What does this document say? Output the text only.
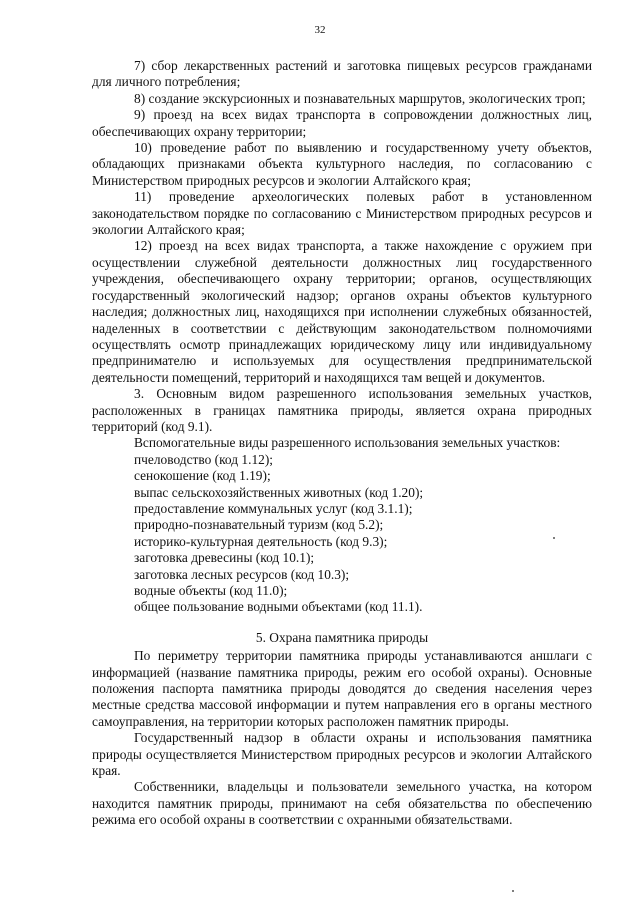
32

7) сбор лекарственных растений и заготовка пищевых ресурсов гражданами для личного потребления;

8) создание экскурсионных и познавательных маршрутов, экологических троп;

9) проезд на всех видах транспорта в сопровождении должностных лиц, обеспечивающих охрану территории;

10) проведение работ по выявлению и государственному учету объектов, обладающих признаками объекта культурного наследия, по согласованию с Министерством природных ресурсов и экологии Алтайского края;

11) проведение археологических полевых работ в установленном законодательством порядке по согласованию с Министерством природных ресурсов и экологии Алтайского края;

12) проезд на всех видах транспорта, а также нахождение с оружием при осуществлении служебной деятельности должностных лиц государственного учреждения, обеспечивающего охрану территории; органов, осуществляющих государственный экологический надзор; органов охраны объектов культурного наследия; должностных лиц, находящихся при исполнении служебных обязанностей, наделенных в соответствии с действующим законодательством полномочиями осуществлять осмотр принадлежащих юридическому лицу или индивидуальному предпринимателю и используемых для осуществления предпринимательской деятельности помещений, территорий и находящихся там вещей и документов.

3. Основным видом разрешенного использования земельных участков, расположенных в границах памятника природы, является охрана природных территорий (код 9.1).

Вспомогательные виды разрешенного использования земельных участков:
пчеловодство (код 1.12);
сенокошение (код 1.19);
выпас сельскохозяйственных животных (код 1.20);
предоставление коммунальных услуг (код 3.1.1);
природно-познавательный туризм (код 5.2);
историко-культурная деятельность (код 9.3);
заготовка древесины (код 10.1);
заготовка лесных ресурсов (код 10.3);
водные объекты (код 11.0);
общее пользование водными объектами (код 11.1).
5. Охрана памятника природы

По периметру территории памятника природы устанавливаются аншлаги с информацией (название памятника природы, режим его особой охраны). Основные положения паспорта памятника природы доводятся до сведения населения через местные средства массовой информации и путем направления его в органы местного самоуправления, на территории которых расположен памятник природы.

Государственный надзор в области охраны и использования памятника природы осуществляется Министерством природных ресурсов и экологии Алтайского края.

Собственники, владельцы и пользователи земельного участка, на котором находится памятник природы, принимают на себя обязательства по обеспечению режима его особой охраны в соответствии с охранными обязательствами.
